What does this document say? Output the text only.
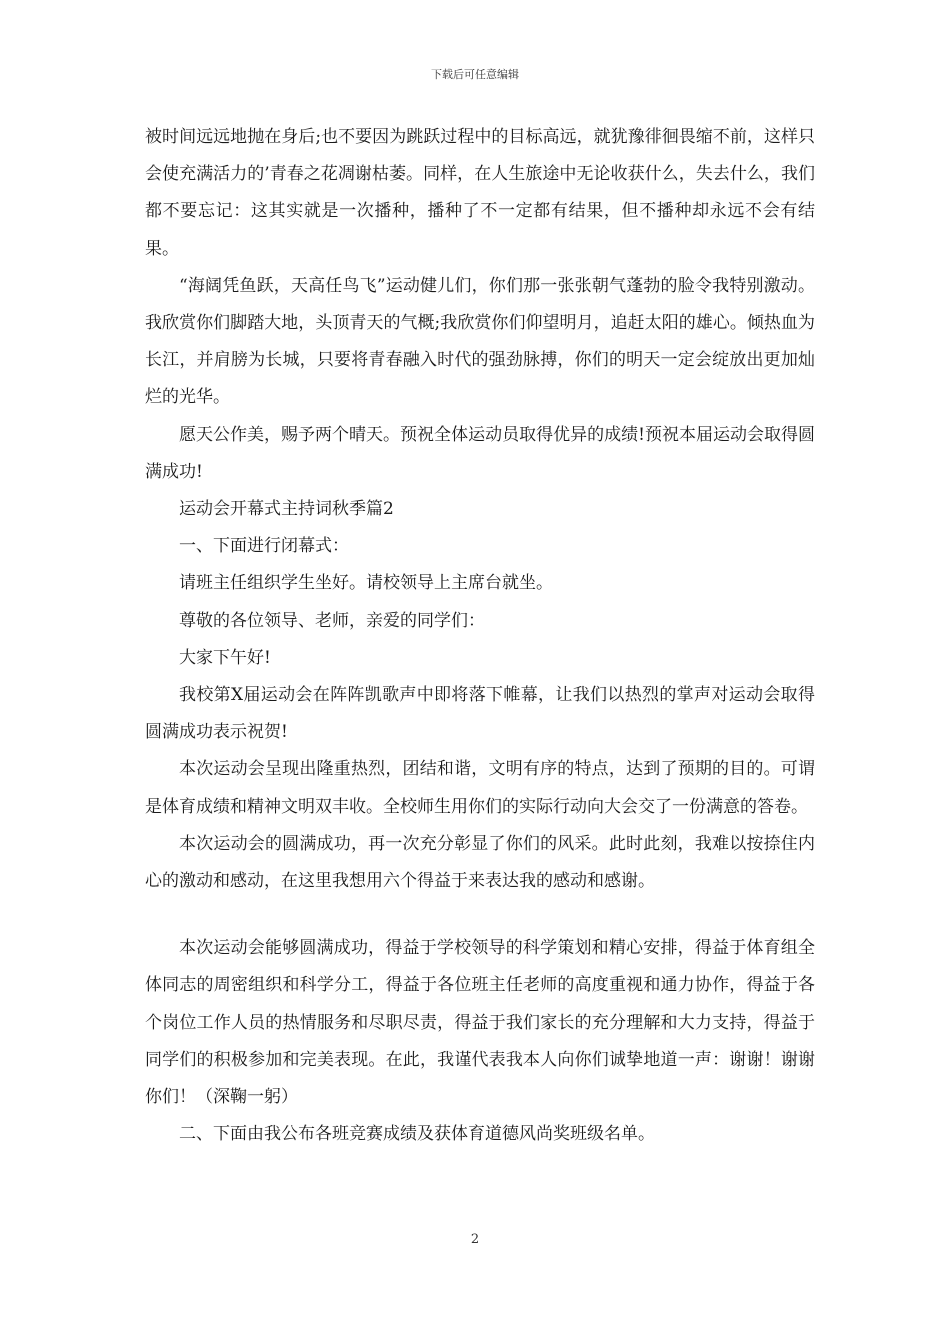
下载后可任意编辑

被时间远远地抛在身后;也不要因为跳跃过程中的目标高远，就犹豫徘徊畏缩不前，这样只会使充满活力的’青春之花凋谢枯萎。同样，在人生旅途中无论收获什么，失去什么，我们都不要忘记：这其实就是一次播种，播种了不一定都有结果，但不播种却永远不会有结果。

“海阔凭鱼跃，天高任鸟飞”运动健儿们，你们那一张张朝气蓬勃的脸令我特别激动。我欣赏你们脚踏大地，头顶青天的气概;我欣赏你们仰望明月，追赶太阳的雄心。倾热血为长江，并肩膀为长城，只要将青春融入时代的强劲脉搏，你们的明天一定会绽放出更加灿烂的光华。

愿天公作美，赐予两个晴天。预祝全体运动员取得优异的成绩!预祝本届运动会取得圆满成功!

运动会开幕式主持词秋季篇2

一、下面进行闭幕式：

请班主任组织学生坐好。请校领导上主席台就坐。

尊敬的各位领导、老师，亲爱的同学们：

大家下午好!

我校第X届运动会在阵阵凯歌声中即将落下帷幕，让我们以热烈的掌声对运动会取得圆满成功表示祝贺!

本次运动会呈现出隆重热烈，团结和谐，文明有序的特点，达到了预期的目的。可谓是体育成绩和精神文明双丰收。全校师生用你们的实际行动向大会交了一份满意的答卷。

本次运动会的圆满成功，再一次充分彰显了你们的风采。此时此刻，我难以按捺住内心的激动和感动，在这里我想用六个得益于来表达我的感动和感谢。

本次运动会能够圆满成功，得益于学校领导的科学策划和精心安排，得益于体育组全体同志的周密组织和科学分工，得益于各位班主任老师的高度重视和通力协作，得益于各个岗位工作人员的热情服务和尽职尽责，得益于我们家长的充分理解和大力支持，得益于同学们的积极参加和完美表现。在此，我谨代表我本人向你们诚挚地道一声：谢谢！谢谢你们！（深鞠一躬）

二、下面由我公布各班竞赛成绩及获体育道德风尚奖班级名单。

2
